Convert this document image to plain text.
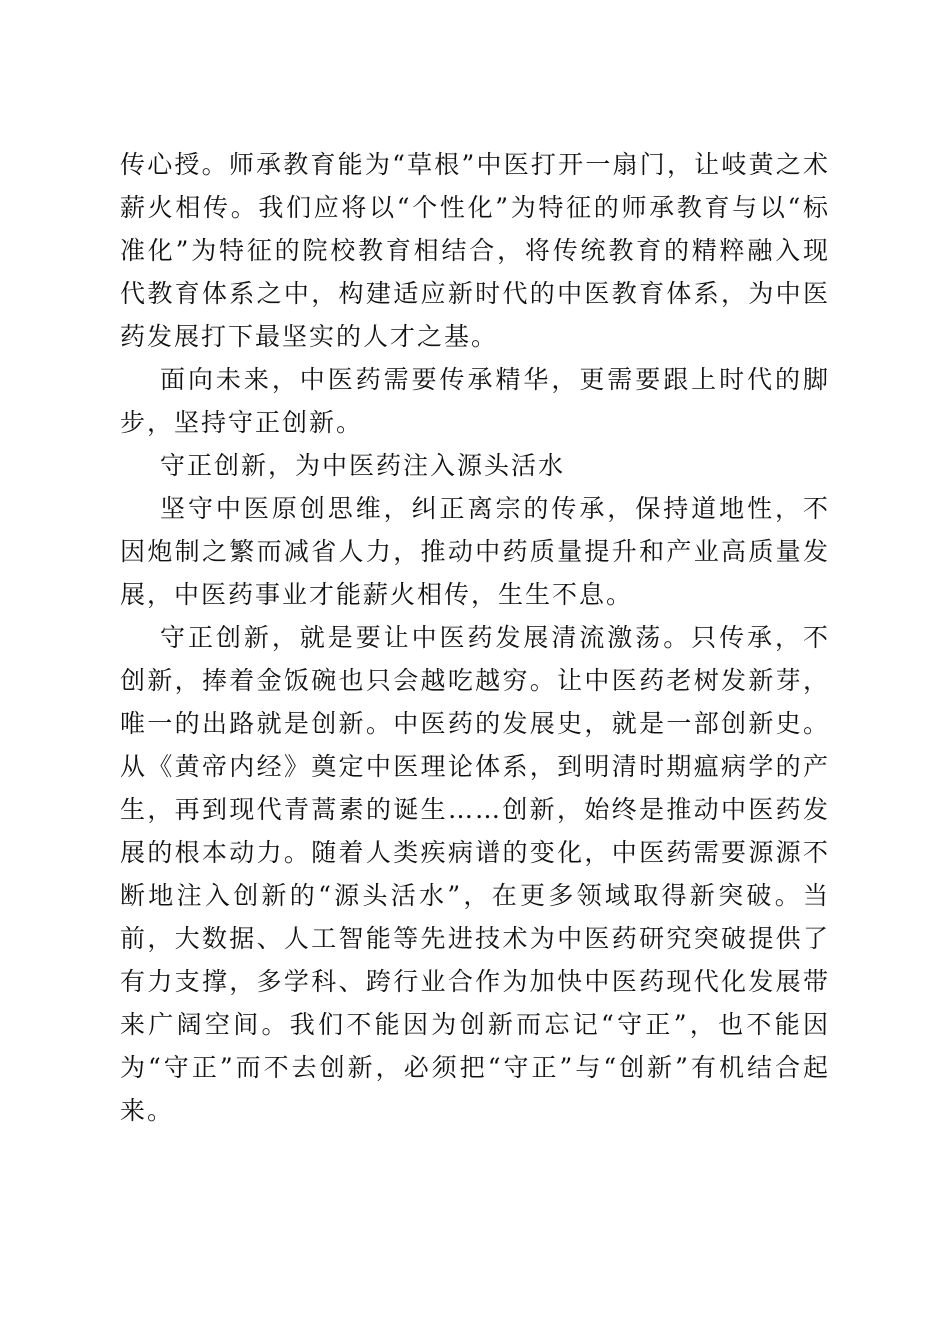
传心授。师承教育能为“草根”中医打开一扇门，让岐黄之术薪火相传。我们应将以“个性化”为特征的师承教育与以“标准化”为特征的院校教育相结合，将传统教育的精粹融入现代教育体系之中，构建适应新时代的中医教育体系，为中医药发展打下最坚实的人才之基。

面向未来，中医药需要传承精华，更需要跟上时代的脚步，坚持守正创新。

守正创新，为中医药注入源头活水

坚守中医原创思维，纠正离宗的传承，保持道地性，不因炮制之繁而减省人力，推动中药质量提升和产业高质量发展，中医药事业才能薪火相传，生生不息。

守正创新，就是要让中医药发展清流激荡。只传承，不创新，捧着金饭碗也只会越吃越穷。让中医药老树发新芽，唯一的出路就是创新。中医药的发展史，就是一部创新史。从《黄帝内经》奠定中医理论体系，到明清时期瘟病学的产生，再到现代青蒿素的诞生……创新，始终是推动中医药发展的根本动力。随着人类疾病谱的变化，中医药需要源源不断地注入创新的“源头活水”，在更多领域取得新突破。当前，大数据、人工智能等先进技术为中医药研究突破提供了有力支撑，多学科、跨行业合作为加快中医药现代化发展带来广阔空间。我们不能因为创新而忘记“守正”，也不能因为“守正”而不去创新，必须把“守正”与“创新”有机结合起来。
